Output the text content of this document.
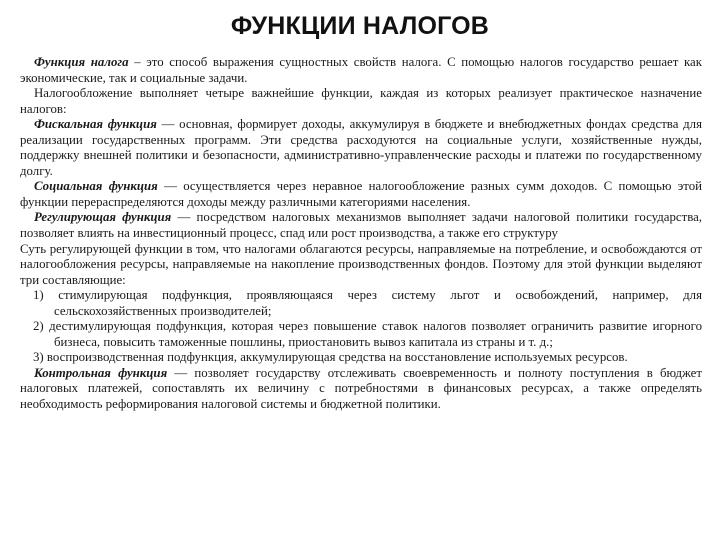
ФУНКЦИИ НАЛОГОВ

Функция налога – это способ выражения сущностных свойств налога. С помощью налогов государство решает как экономические, так и социальные задачи.

Налогообложение выполняет четыре важнейшие функции, каждая из которых реализует практическое назначение налогов:

Фискальная функция — основная, формирует доходы, аккумулируя в бюджете и внебюджетных фондах средства для реализации государственных программ. Эти средства расходуются на социальные услуги, хозяйственные нужды, поддержку внешней политики и безопасности, административно-управленческие расходы и платежи по государственному долгу.

Социальная функция — осуществляется через неравное налогообложение разных сумм доходов. С помощью этой функции перераспределяются доходы между различными категориями населения.

Регулирующая функция — посредством налоговых механизмов выполняет задачи налоговой политики государства, позволяет влиять на инвестиционный процесс, спад или рост производства, а также его структуру

Суть регулирующей функции в том, что налогами облагаются ресурсы, направляемые на потребление, и освобождаются от налогообложения ресурсы, направляемые на накопление производственных фондов. Поэтому для этой функции выделяют три составляющие:

1) стимулирующая подфункция, проявляющаяся через систему льгот и освобождений, например, для сельскохозяйственных производителей;

2) дестимулирующая подфункция, которая через повышение ставок налогов позволяет ограничить развитие игорного бизнеса, повысить таможенные пошлины, приостановить вывоз капитала из страны и т. д.;

3) воспроизводственная подфункция, аккумулирующая средства на восстановление используемых ресурсов.

Контрольная функция — позволяет государству отслеживать своевременность и полноту поступления в бюджет налоговых платежей, сопоставлять их величину с потребностями в финансовых ресурсах, а также определять необходимость реформирования налоговой системы и бюджетной политики.
